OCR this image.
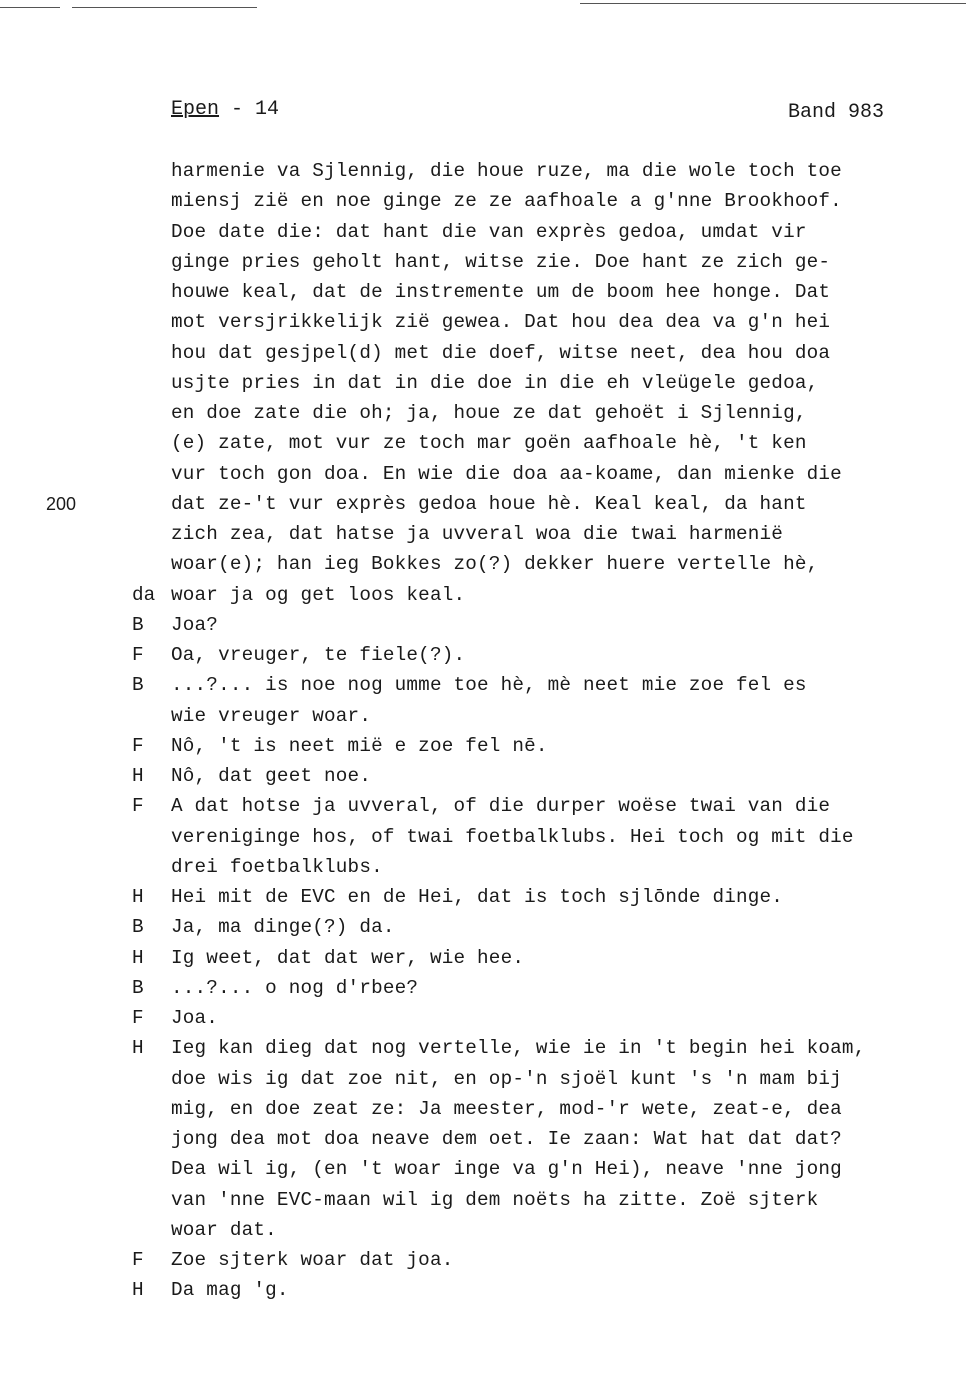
Epen - 14	Band 983
200
harmenie va Sjlennig, die houe ruze, ma die wole toch toe
miensj zië en noe ginge ze ze aafhoale a g'nne Brookhoof.
Doe date die: dat hant die van exprès gedoa, umdat vir
ginge pries geholt hant, witse zie. Doe hant ze zich ge-
houwe keal, dat de instremente um de boom hee honge. Dat
mot versjrikkelijk zië gewea. Dat hou dea dea va g'n hei
hou dat gesjpel(d) met die doef, witse neet, dea hou doa
usjte pries in dat in die doe in die eh vleügele gedoa,
en doe zate die oh; ja, houe ze dat gehoët i Sjlennig,
(e) zate, mot vur ze toch mar goën aafhoale hè, 't ken
vur toch gon doa. En wie die doa aa-koame, dan mienke die
dat ze-'t vur exprès gedoa houe hè. Keal keal, da hant
zich zea, dat hatse ja uvveral woa die twai harmenië
woar(e); han ieg Bokkes zo(?) dekker huere vertelle hè,
woar ja og get loos keal.
Joa?
Oa, vreuger, te fiele(?).
...?... is noe nog umme toe hè, mè neet mie zoe fel es
wie vreuger woar.
Nô, 't is neet mië e zoe fel nē.
Nô, dat geet noe.
A dat hotse ja uvveral, of die durper woëse twai van die
vereniginge hos, of twai foetbalklubs. Hei toch og mit die
drei foetbalklubs.
Hei mit de EVC en de Hei, dat is toch sjlōnde dinge.
Ja, ma dinge(?) da.
Ig weet, dat dat wer, wie hee.
...?... o nog d'rbee?
Joa.
Ieg kan dieg dat nog vertelle, wie ie in 't begin hei koam,
doe wis ig dat zoe nit, en op-'n sjoël kunt 's 'n mam bij
mig, en doe zeat ze: Ja meester, mod-'r wete, zeat-e, dea
jong dea mot doa neave dem oet. Ie zaan: Wat hat dat dat?
Dea wil ig, (en 't woar inge va g'n Hei), neave 'nne jong
van 'nne EVC-maan wil ig dem noëts ha zitte. Zoë sjterk
woar dat.
Zoe sjterk woar dat joa.
Da mag 'g.
da
B
F
B
F
H
F
H
B
H
B
F
H
F
H
